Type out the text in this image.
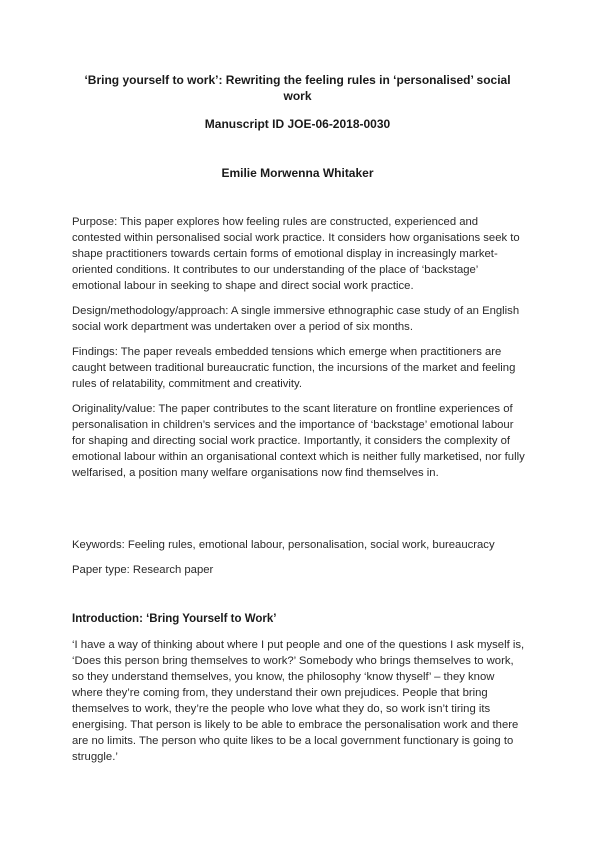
‘Bring yourself to work’: Rewriting the feeling rules in ‘personalised’ social work
Manuscript ID JOE-06-2018-0030
Emilie Morwenna Whitaker

Purpose: This paper explores how feeling rules are constructed, experienced and contested within personalised social work practice. It considers how organisations seek to shape practitioners towards certain forms of emotional display in increasingly market-oriented conditions. It contributes to our understanding of the place of ‘backstage’ emotional labour in seeking to shape and direct social work practice.

Design/methodology/approach: A single immersive ethnographic case study of an English social work department was undertaken over a period of six months.

Findings: The paper reveals embedded tensions which emerge when practitioners are caught between traditional bureaucratic function, the incursions of the market and feeling rules of relatability, commitment and creativity.

Originality/value: The paper contributes to the scant literature on frontline experiences of personalisation in children’s services and the importance of ‘backstage’ emotional labour for shaping and directing social work practice. Importantly, it considers the complexity of emotional labour within an organisational context which is neither fully marketised, nor fully welfarised, a position many welfare organisations now find themselves in.

Keywords: Feeling rules, emotional labour, personalisation, social work, bureaucracy

Paper type: Research paper

Introduction: ‘Bring Yourself to Work’

‘I have a way of thinking about where I put people and one of the questions I ask myself is, ‘Does this person bring themselves to work?’ Somebody who brings themselves to work, so they understand themselves, you know, the philosophy ‘know thyself’ – they know where they’re coming from, they understand their own prejudices. People that bring themselves to work, they’re the people who love what they do, so work isn’t tiring its energising. That person is likely to be able to embrace the personalisation work and there are no limits. The person who quite likes to be a local government functionary is going to struggle.’
